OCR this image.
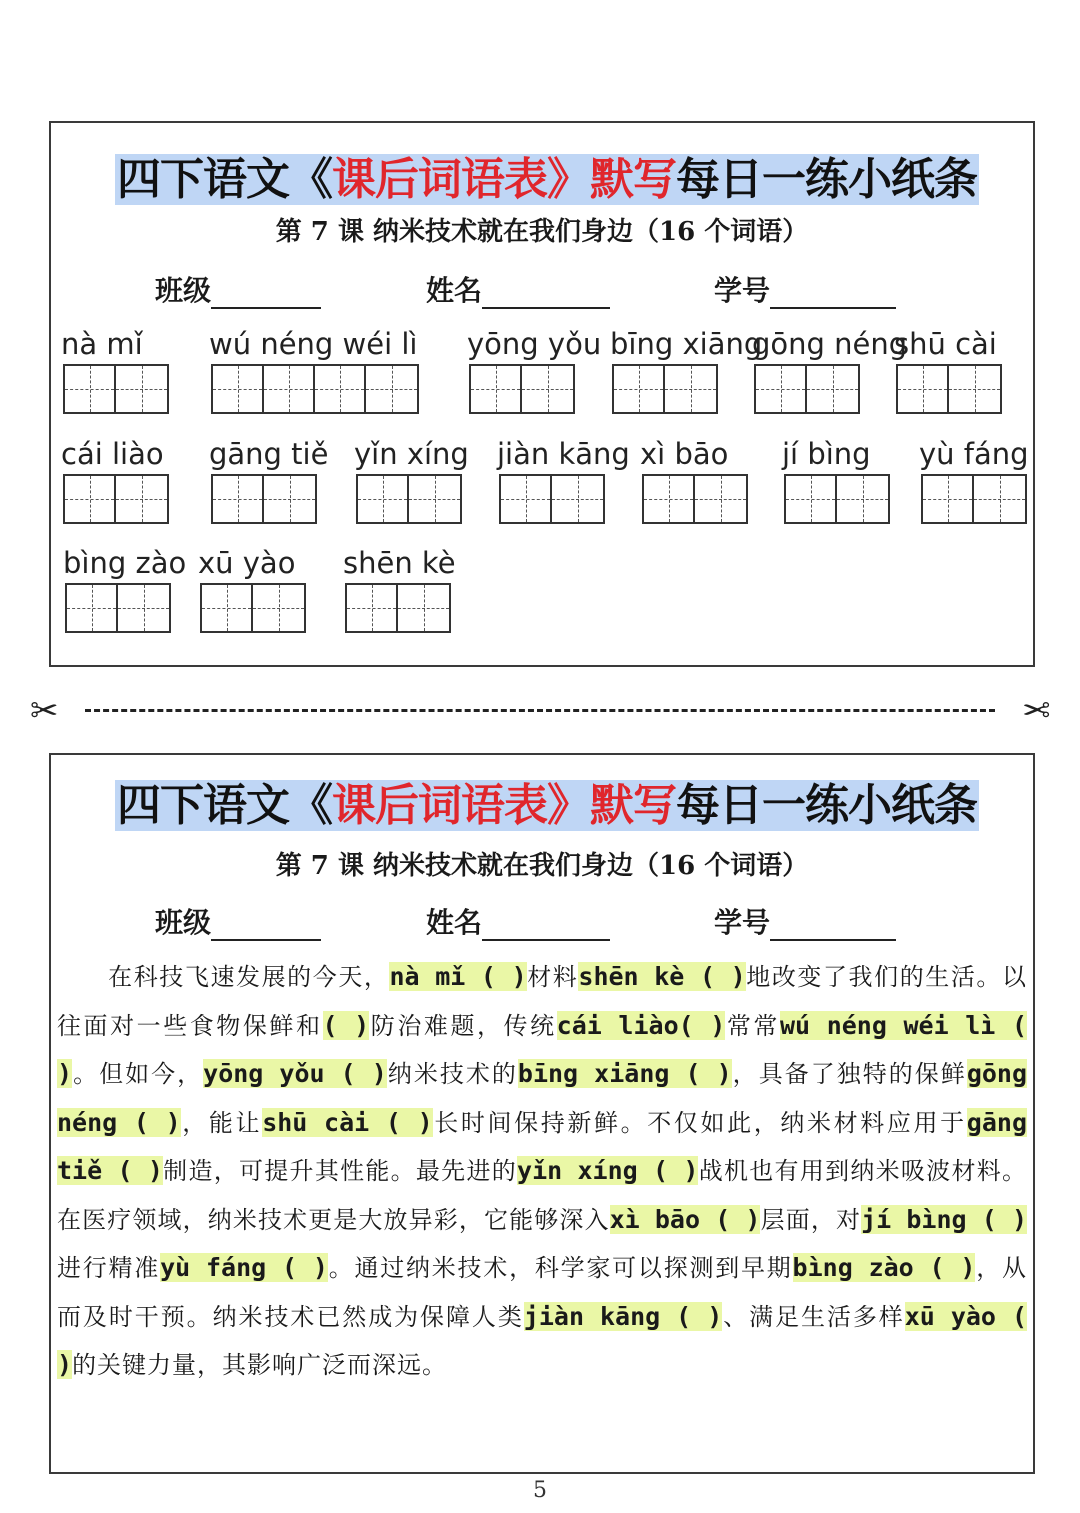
四下语文《课后词语表》默写每日一练小纸条
第 7 课 纳米技术就在我们身边（16 个词语）
班级	姓名	学号
nà mǐ wú néng wéi lì yōng yǒu bīng xiāng
gōng néng
shū cài
cái liào gāng tiě yǐn xíng jiàn kāng xì bāo jí bìng yù fáng
bìng zào xū yào shēn kè
✂	✂
四下语文《课后词语表》默写每日一练小纸条
第 7 课 纳米技术就在我们身边（16 个词语）
班级	姓名	学号
　　在科技飞速发展的今天，nà mǐ ( )材料shēn kè ( )地改变了我们的生活。以往面对一些食物保鲜和( )防治难题，传统cái liào( )常常wú néng wéi lì ( )。但如今，yōng yǒu ( )纳米技术的bīng xiāng ( )，具备了独特的保鲜gōng néng ( )，能让shū cài ( )长时间保持新鲜。不仅如此，纳米材料应用于gāng tiě ( )制造，可提升其性能。最先进的yǐn xíng ( )战机也有用到纳米吸波材料。在医疗领域，纳米技术更是大放异彩，它能够深入xì bāo ( )层面，对jí bìng ( )进行精准yù fáng ( )。通过纳米技术，科学家可以探测到早期bìng zào ( )，从而及时干预。纳米技术已然成为保障人类jiàn kāng ( )、满足生活多样xū yào ( )的关键力量，其影响广泛而深远。
5
